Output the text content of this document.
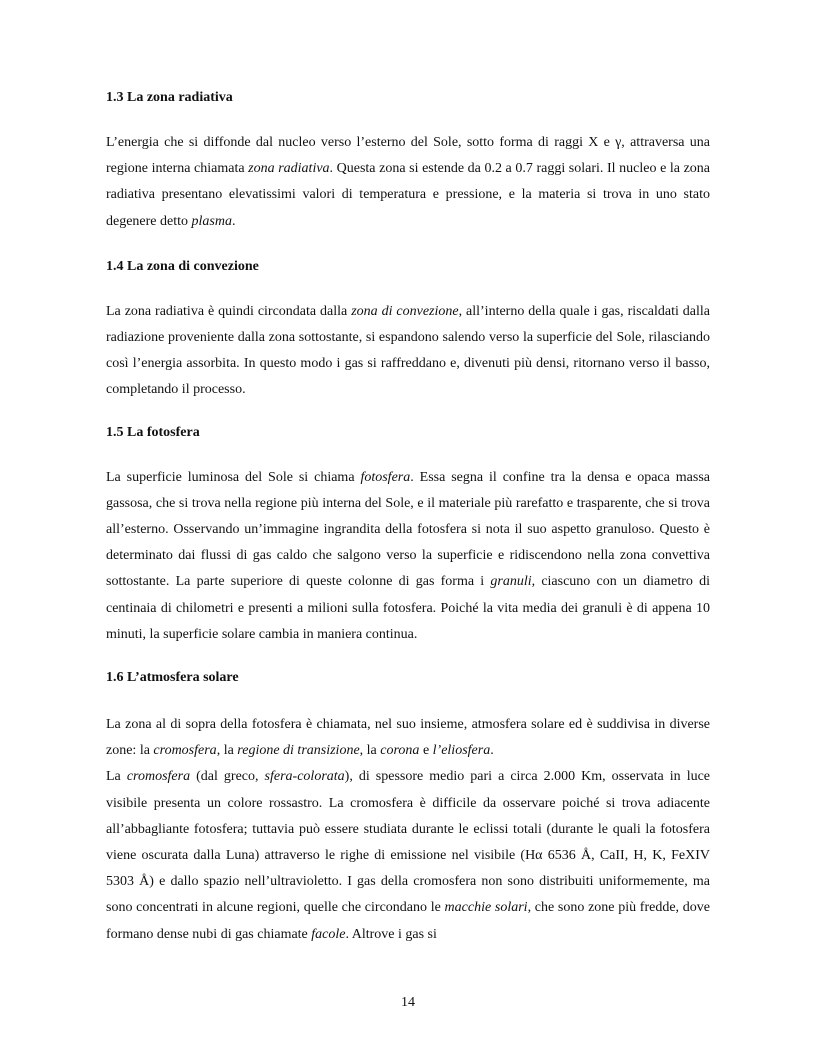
1.3 La zona radiativa

L’energia che si diffonde dal nucleo verso l’esterno del Sole, sotto forma di raggi X e γ, attraversa una regione interna chiamata zona radiativa. Questa zona si estende da 0.2 a 0.7 raggi solari. Il nucleo e la zona radiativa presentano elevatissimi valori di temperatura e pressione, e la materia si trova in uno stato degenere detto plasma.

1.4 La zona di convezione

La zona radiativa è quindi circondata dalla zona di convezione, all’interno della quale i gas, riscaldati dalla radiazione proveniente dalla zona sottostante, si espandono salendo verso la superficie del Sole, rilasciando così l’energia assorbita. In questo modo i gas si raffreddano e, divenuti più densi, ritornano verso il basso, completando il processo.

1.5 La fotosfera

La superficie luminosa del Sole si chiama fotosfera. Essa segna il confine tra la densa e opaca massa gassosa, che si trova nella regione più interna del Sole, e il materiale più rarefatto e trasparente, che si trova all’esterno. Osservando un’immagine ingrandita della fotosfera si nota il suo aspetto granuloso. Questo è determinato dai flussi di gas caldo che salgono verso la superficie e ridiscendono nella zona convettiva sottostante. La parte superiore di queste colonne di gas forma i granuli, ciascuno con un diametro di centinaia di chilometri e presenti a milioni sulla fotosfera. Poiché la vita media dei granuli è di appena 10 minuti, la superficie solare cambia in maniera continua.

1.6 L’atmosfera solare

La zona al di sopra della fotosfera è chiamata, nel suo insieme, atmosfera solare ed è suddivisa in diverse zone: la cromosfera, la regione di transizione, la corona e l’eliosfera.

La cromosfera (dal greco, sfera-colorata), di spessore medio pari a circa 2.000 Km, osservata in luce visibile presenta un colore rossastro. La cromosfera è difficile da osservare poiché si trova adiacente all’abbagliante fotosfera; tuttavia può essere studiata durante le eclissi totali (durante le quali la fotosfera viene oscurata dalla Luna) attraverso le righe di emissione nel visibile (Hα 6536 Å, CaII, H, K, FeXIV 5303 Å) e dallo spazio nell’ultravioletto. I gas della cromosfera non sono distribuiti uniformemente, ma sono concentrati in alcune regioni, quelle che circondano le macchie solari, che sono zone più fredde, dove formano dense nubi di gas chiamate facole. Altrove i gas si

14
